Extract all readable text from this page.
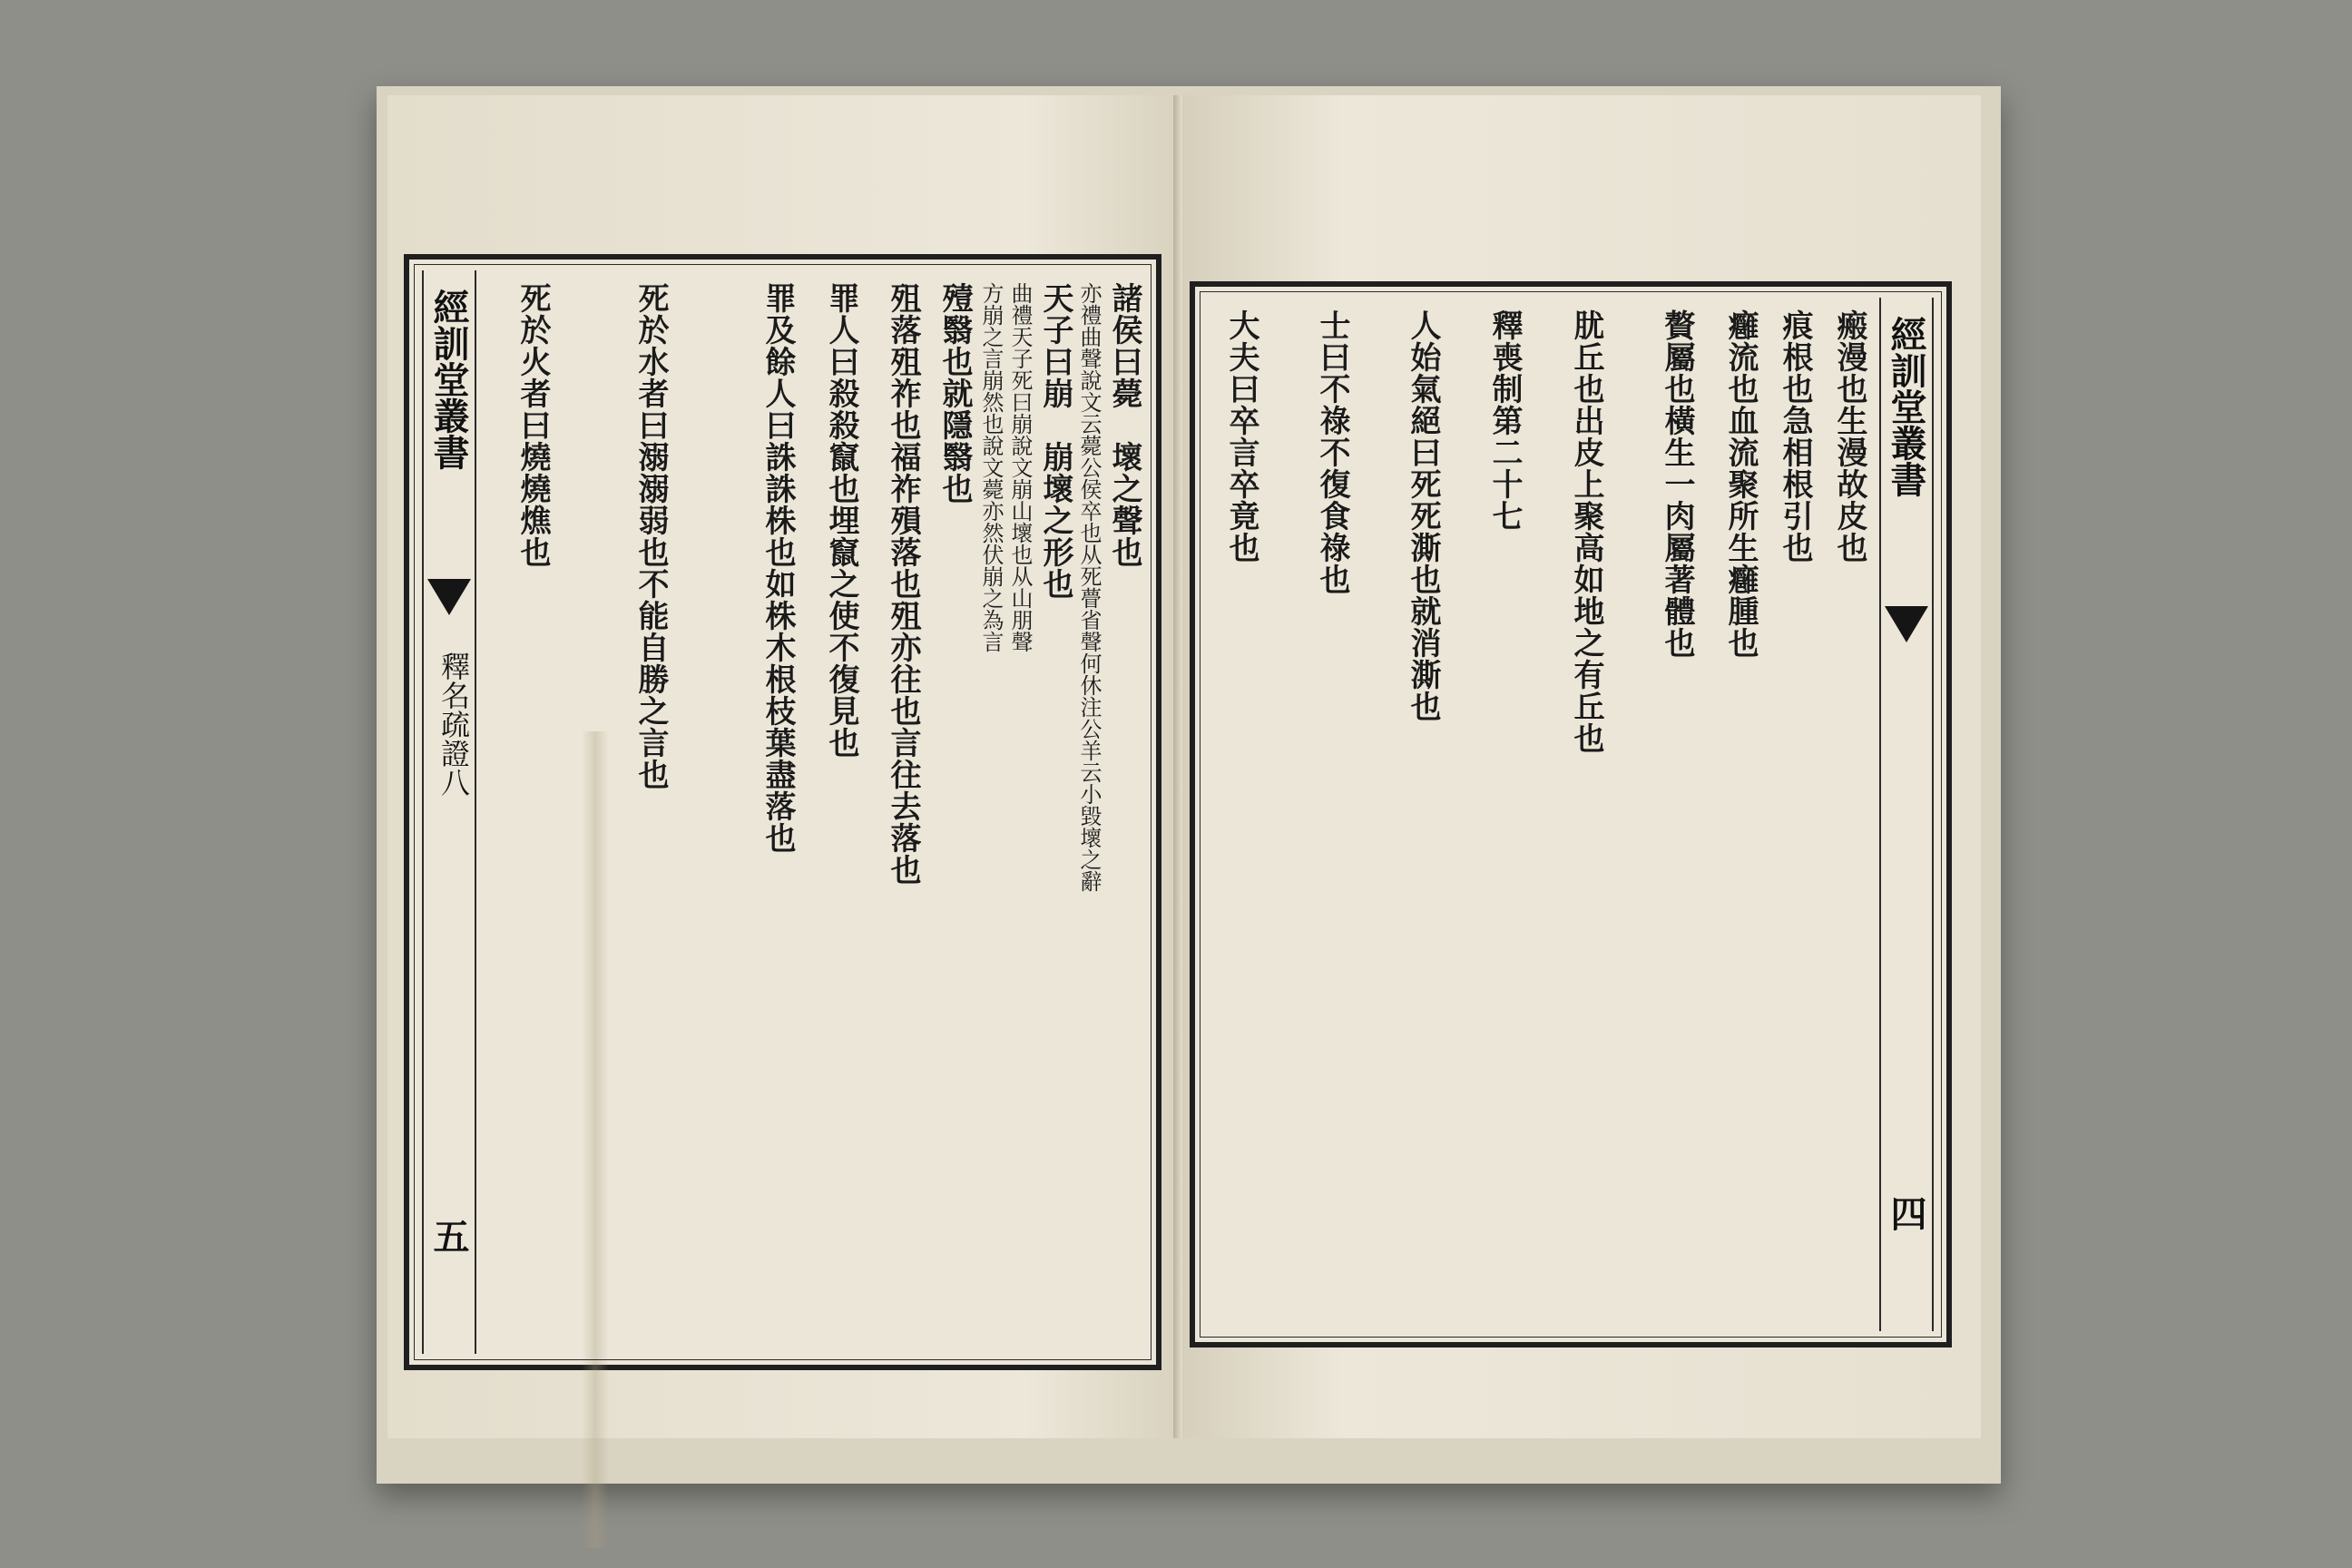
諸侯曰薨　壞之聲也
亦禮曲聲說文云薨公侯卒也从死瞢省聲何休注公羊云小毀壞之辭
天子曰崩　崩壞之形也
曲禮天子死曰崩說文崩山壞也从山朋聲
方崩之言崩然也說文薨亦然伏崩之為言
殪翳也就隱翳也
殂落殂祚也福祚殞落也殂亦往也言往去落也
罪人曰殺殺竄也埋竄之使不復見也
罪及餘人曰誅誅株也如株木根枝葉盡落也
死於水者曰溺溺弱也不能自勝之言也
死於火者曰燒燒燋也
經訓堂叢書
釋名疏證八
五
經訓堂叢書
四
瘢漫也生漫故皮也
痕根也急相根引也
癰流也血流聚所生癰腫也
贅屬也橫生一肉屬著體也
肬丘也出皮上聚高如地之有丘也
釋喪制第二十七
人始氣絕曰死死澌也就消澌也
士曰不祿不復食祿也
大夫曰卒言卒竟也
